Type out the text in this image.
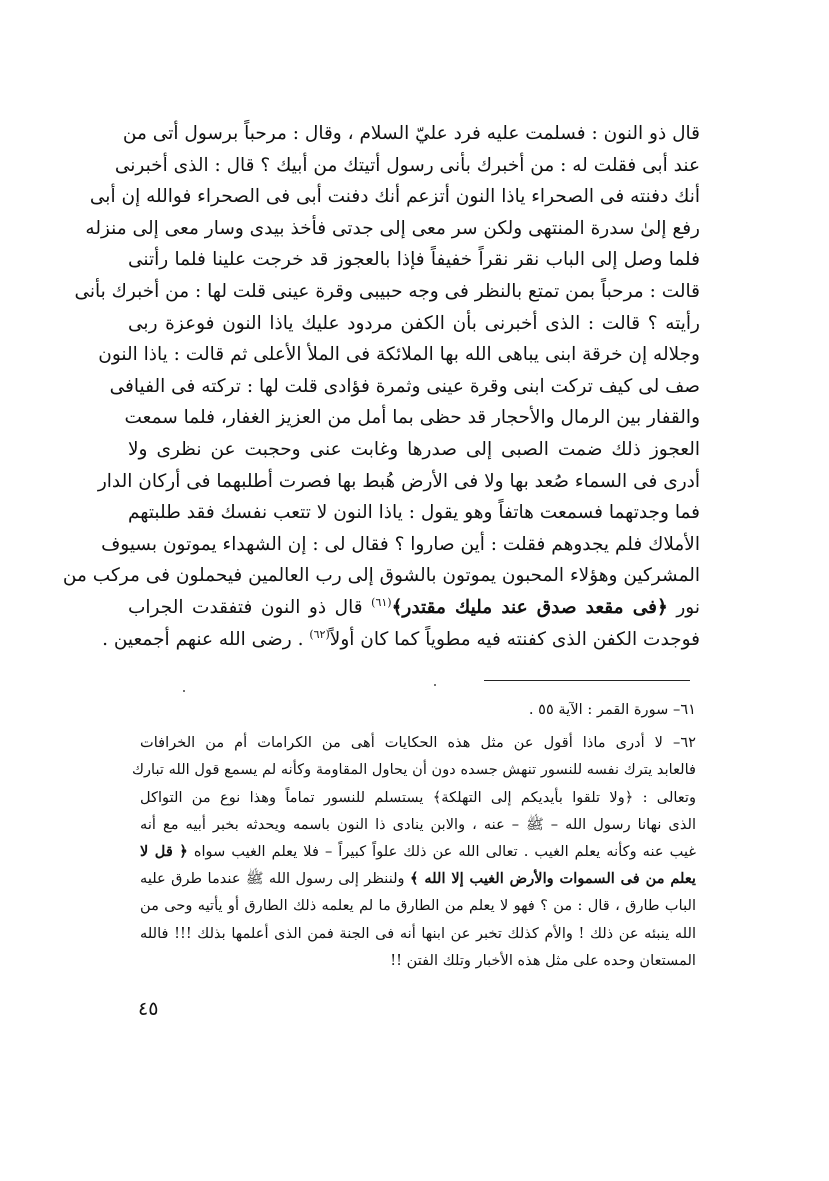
قال ذو النون : فسلمت عليه فرد عليّ السلام ، وقال : مرحباً برسول أتى من
عند أبى فقلت له : من أخبرك بأنى رسول أتيتك من أبيك ؟ قال : الذى أخبرنى
أنك دفنته فى الصحراء ياذا النون أتزعم أنك دفنت أبى فى الصحراء فوالله إن أبى
رفع إلىٰ سدرة المنتهى ولكن سر معى إلى جدتى فأخذ بيدى وسار معى إلى منزله
فلما وصل إلى الباب نقر نقراً خفيفاً فإذا بالعجوز قد خرجت علينا فلما رأتنى
قالت : مرحباً بمن تمتع بالنظر فى وجه حبيبى وقرة عينى قلت لها : من أخبرك بأنى
رأيته ؟ قالت : الذى أخبرنى بأن الكفن مردود عليك ياذا النون فوعزة ربى
وجلاله إن خرقة ابنى يباهى الله بها الملائكة فى الملأ الأعلى ثم قالت : ياذا النون
صف لى كيف تركت ابنى وقرة عينى وثمرة فؤادى قلت لها : تركته فى الفيافى
والقفار بين الرمال والأحجار قد حظى بما أمل من العزيز الغفار، فلما سمعت
العجوز ذلك ضمت الصبى إلى صدرها وغابت عنى وحجبت عن نظرى ولا
أدرى فى السماء صُعد بها ولا فى الأرض هُبط بها فصرت أطلبهما فى أركان الدار
فما وجدتهما فسمعت هاتفاً وهو يقول : ياذا النون لا تتعب نفسك فقد طلبتهم
الأملاك فلم يجدوهم فقلت : أين صاروا ؟ فقال لى : إن الشهداء يموتون بسيوف
المشركين وهؤلاء المحبون يموتون بالشوق إلى رب العالمين فيحملون فى مركب من
نور ﴿فى مقعد صدق عند مليك مقتدر﴾$^{(٦١)}$ قال ذو النون فتفقدت الجراب
فوجدت الكفن الذى كفنته فيه مطوياً كما كان أولاً$^{(٦٢)}$ . رضى الله عنهم أجمعين .
٦١– سورة القمر : الآية ٥٥ .
٦٢– لا أدرى ماذا أقول عن مثل هذه الحكايات أهى من الكرامات أم من الخرافات
فالعابد يترك نفسه للنسور تنهش جسده دون أن يحاول المقاومة وكأنه لم يسمع قول الله تبارك
وتعالى : ﴿ولا تلقوا بأيديكم إلى التهلكة﴾ يستسلم للنسور تماماً وهذا نوع من التواكل
الذى نهانا رسول الله – ﷺ – عنه ، والابن ينادى ذا النون باسمه ويحدثه بخبر أبيه مع أنه
غيب عنه وكأنه يعلم الغيب . تعالى الله عن ذلك علواً كبيراً – فلا يعلم الغيب سواه ﴿ قل لا
يعلم من فى السموات والأرض الغيب إلا الله ﴾ ولننظر إلى رسول الله ﷺ عندما طرق عليه
الباب طارق ، قال : من ؟ فهو لا يعلم من الطارق ما لم يعلمه ذلك الطارق أو يأتيه وحى من
الله ينبئه عن ذلك ! والأم كذلك تخبر عن ابنها أنه فى الجنة فمن الذى أعلمها بذلك !!! فالله
المستعان وحده على مثل هذه الأخبار وتلك الفتن !!
٤٥
